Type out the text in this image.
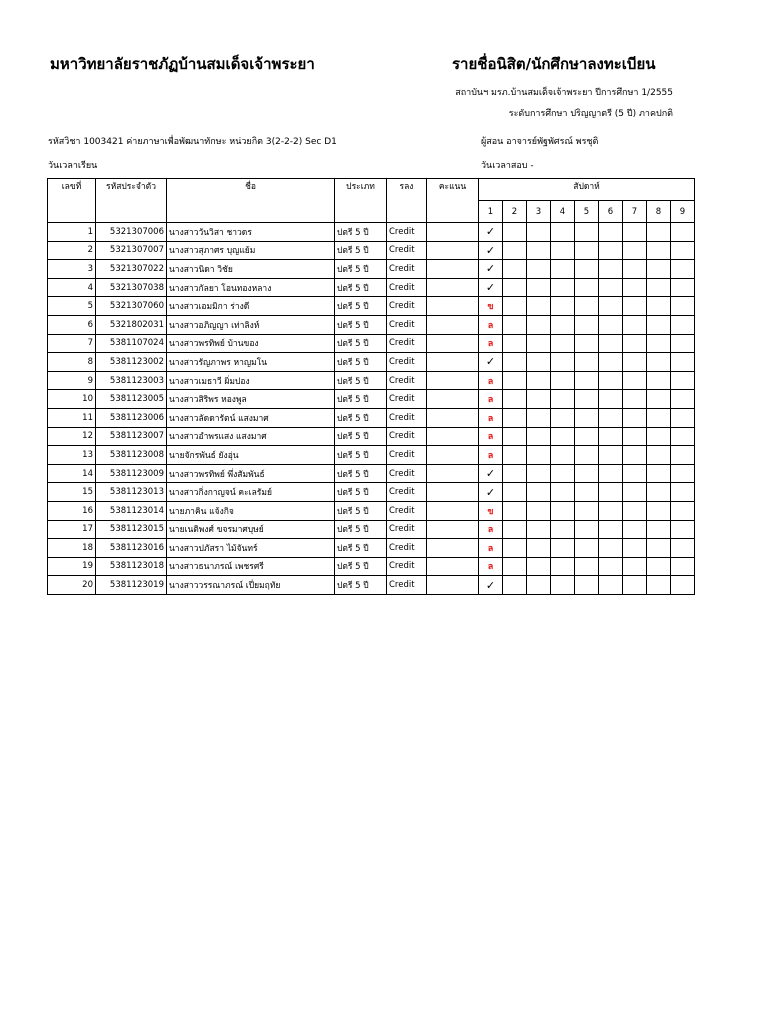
มหาวิทยาลัยราชภัฏบ้านสมเด็จเจ้าพระยา	รายชื่อนิสิต/นักศึกษาลงทะเบียน
สถาบันฯ มรภ.บ้านสมเด็จเจ้าพระยา ปีการศึกษา 1/2555
ระดับการศึกษา ปริญญาตรี (5 ปี) ภาคปกติ
รหัสวิชา 1003421 ค่ายภาษาเพื่อพัฒนาทักษะ หน่วยกิต 3(2-2-2) Sec D1	ผู้สอน อาจารย์พัฐพัศรณ์ พรชุติ
วันเวลาเรียน	วันเวลาสอบ -
เลขที่	รหัสประจำตัว	ชื่อ	ประเภท	รลง	คะแนน	สัปดาห์								
						1	2	3	4	5	6	7	8	9
1	5321307006	นางสาววันวิสา ชาวดร	ปตรี 5 ปี	Credit		✓								
2	5321307007	นางสาวสุภาศร บุญแย้ม	ปตรี 5 ปี	Credit		✓								
3	5321307022	นางสาวนิดา วิชัย	ปตรี 5 ปี	Credit		✓								
4	5321307038	นางสาวกัลยา โอนทองหลาง	ปตรี 5 ปี	Credit		✓								
5	5321307060	นางสาวเอมมิกา ร่างดี	ปตรี 5 ปี	Credit		ข								
6	5321802031	นางสาวอภิญญา เท่าลิงห์	ปตรี 5 ปี	Credit		ล								
7	5381107024	นางสาวพรทิพย์ บ้านของ	ปตรี 5 ปี	Credit		ล								
8	5381123002	นางสาวรัญภาพร หาญมโน	ปตรี 5 ปี	Credit		✓								
9	5381123003	นางสาวเมธาวี ผิ่มปอง	ปตรี 5 ปี	Credit		ล								
10	5381123005	นางสาวสิริพร หองพูล	ปตรี 5 ปี	Credit		ล								
11	5381123006	นางสาวลัดดารัตน์ แสงมาศ	ปตรี 5 ปี	Credit		ล								
12	5381123007	นางสาวอำพรแสง แสงมาศ	ปตรี 5 ปี	Credit		ล								
13	5381123008	นายจักรพันธ์ ยังอุ่น	ปตรี 5 ปี	Credit		ล								
14	5381123009	นางสาวพรทิพย์ พึ่งสัมพันธ์	ปตรี 5 ปี	Credit		✓								
15	5381123013	นางสาวกิ่งกาญจน์ คะเลรัมย์	ปตรี 5 ปี	Credit		✓								
16	5381123014	นายภาคิน แจ้งกิจ	ปตรี 5 ปี	Credit		ข								
17	5381123015	นายเนติพงศ์ ขจรมาศบุษย์	ปตรี 5 ปี	Credit		ล								
18	5381123016	นางสาวปภัสรา ไม้จันทร์	ปตรี 5 ปี	Credit		ล								
19	5381123018	นางสาวธนาภรณ์ เพชรศรี	ปตรี 5 ปี	Credit		ล								
20	5381123019	นางสาววรรณาภรณ์ เปี่ยมฤทัย	ปตรี 5 ปี	Credit		✓								
